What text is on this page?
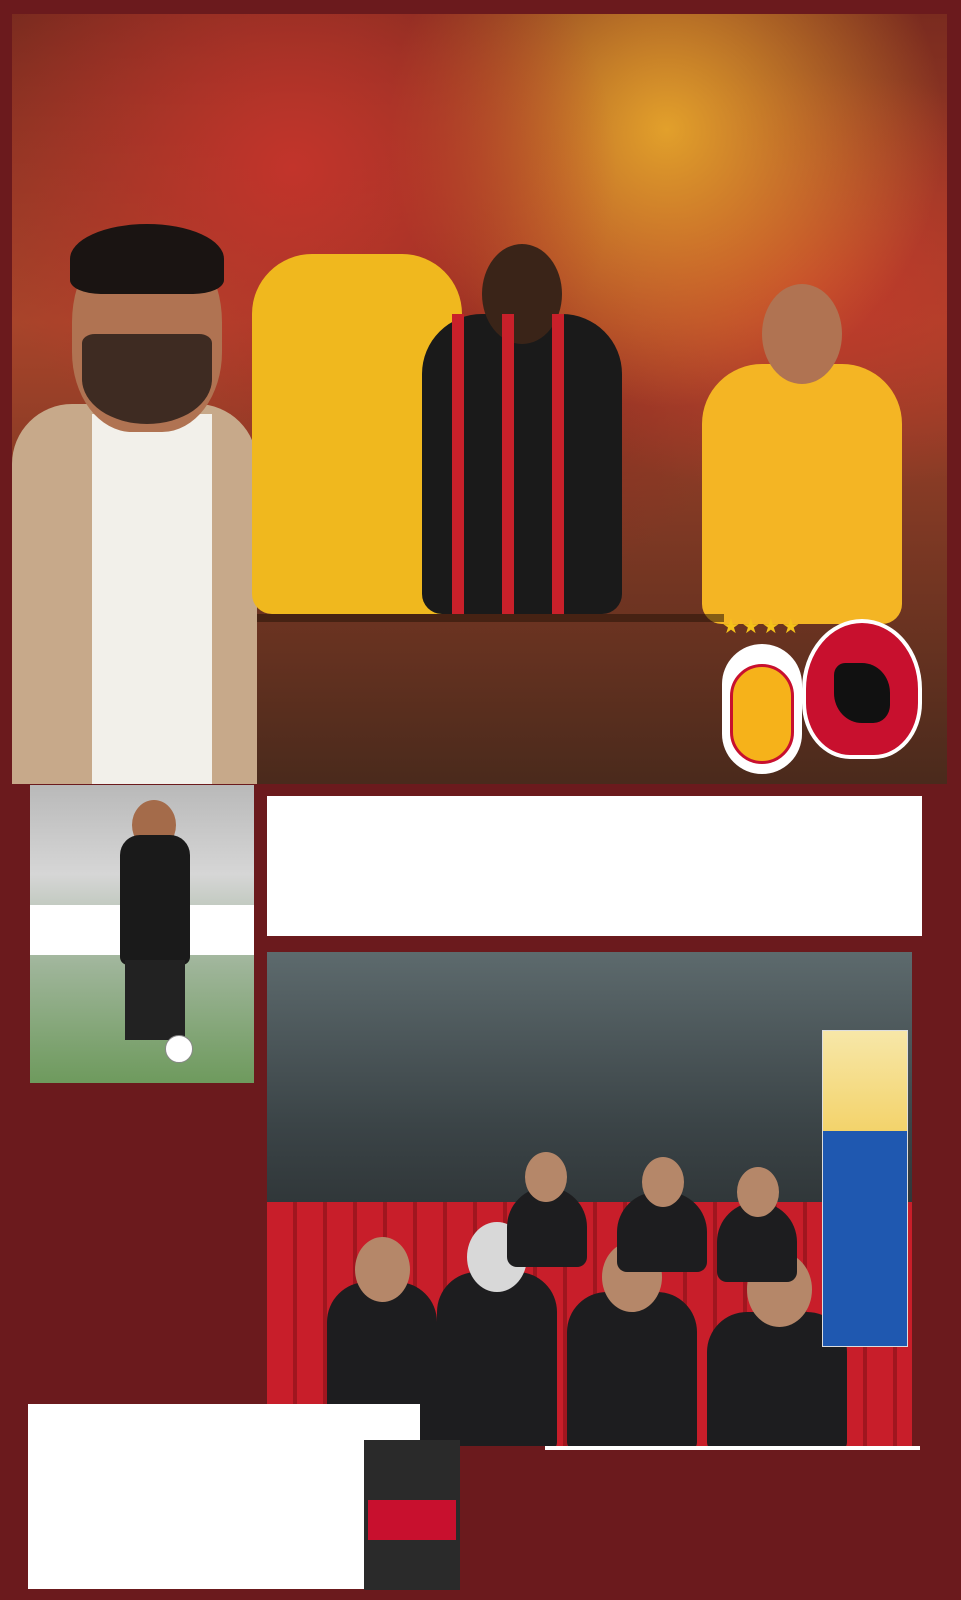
★★★★
